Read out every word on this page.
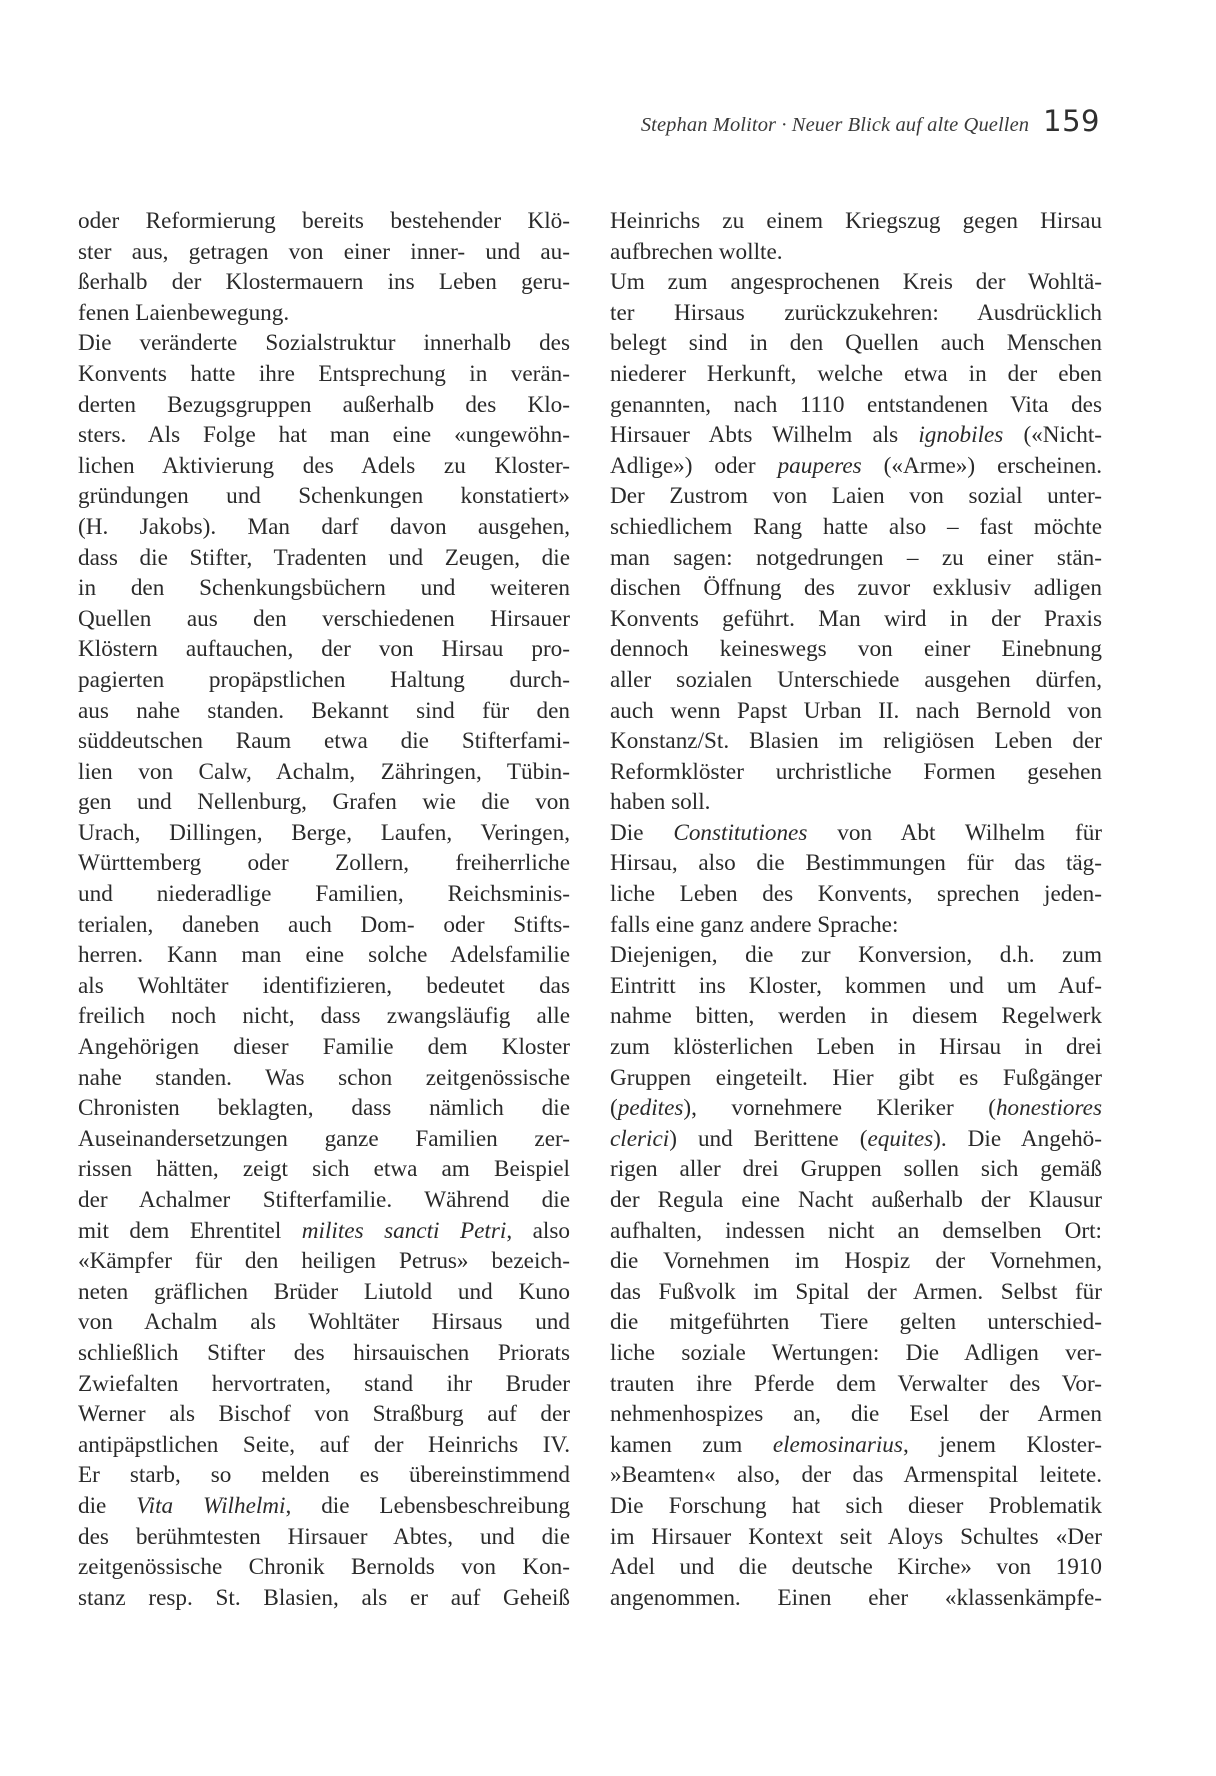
Stephan Molitor · Neuer Blick auf alte Quellen 159
oder Reformierung bereits bestehender Klö-
ster aus, getragen von einer inner- und au-
ßerhalb der Klostermauern ins Leben geru-
fenen Laienbewegung.
Die veränderte Sozialstruktur innerhalb des
Konvents hatte ihre Entsprechung in verän-
derten Bezugsgruppen außerhalb des Klo-
sters. Als Folge hat man eine «ungewöhn-
lichen Aktivierung des Adels zu Kloster-
gründungen und Schenkungen konstatiert»
(H. Jakobs). Man darf davon ausgehen,
dass die Stifter, Tradenten und Zeugen, die
in den Schenkungsbüchern und weiteren
Quellen aus den verschiedenen Hirsauer
Klöstern auftauchen, der von Hirsau pro-
pagierten propäpstlichen Haltung durch-
aus nahe standen. Bekannt sind für den
süddeutschen Raum etwa die Stifterfami-
lien von Calw, Achalm, Zähringen, Tübin-
gen und Nellenburg, Grafen wie die von
Urach, Dillingen, Berge, Laufen, Veringen,
Württemberg oder Zollern, freiherrliche
und niederadlige Familien, Reichsminis-
terialen, daneben auch Dom- oder Stifts-
herren. Kann man eine solche Adelsfamilie
als Wohltäter identifizieren, bedeutet das
freilich noch nicht, dass zwangsläufig alle
Angehörigen dieser Familie dem Kloster
nahe standen. Was schon zeitgenössische
Chronisten beklagten, dass nämlich die
Auseinandersetzungen ganze Familien zer-
rissen hätten, zeigt sich etwa am Beispiel
der Achalmer Stifterfamilie. Während die
mit dem Ehrentitel milites sancti Petri, also
«Kämpfer für den heiligen Petrus» bezeich-
neten gräflichen Brüder Liutold und Kuno
von Achalm als Wohltäter Hirsaus und
schließlich Stifter des hirsauischen Priorats
Zwiefalten hervortraten, stand ihr Bruder
Werner als Bischof von Straßburg auf der
antipäpstlichen Seite, auf der Heinrichs IV.
Er starb, so melden es übereinstimmend
die Vita Wilhelmi, die Lebensbeschreibung
des berühmtesten Hirsauer Abtes, und die
zeitgenössische Chronik Bernolds von Kon-
stanz resp. St. Blasien, als er auf Geheiß
Heinrichs zu einem Kriegszug gegen Hirsau
aufbrechen wollte.
Um zum angesprochenen Kreis der Wohltä-
ter Hirsaus zurückzukehren: Ausdrücklich
belegt sind in den Quellen auch Menschen
niederer Herkunft, welche etwa in der eben
genannten, nach 1110 entstandenen Vita des
Hirsauer Abts Wilhelm als ignobiles («Nicht-
Adlige») oder pauperes («Arme») erscheinen.
Der Zustrom von Laien von sozial unter-
schiedlichem Rang hatte also – fast möchte
man sagen: notgedrungen – zu einer stän-
dischen Öffnung des zuvor exklusiv adligen
Konvents geführt. Man wird in der Praxis
dennoch keineswegs von einer Einebnung
aller sozialen Unterschiede ausgehen dürfen,
auch wenn Papst Urban II. nach Bernold von
Konstanz/St. Blasien im religiösen Leben der
Reformklöster urchristliche Formen gesehen
haben soll.
Die Constitutiones von Abt Wilhelm für
Hirsau, also die Bestimmungen für das täg-
liche Leben des Konvents, sprechen jeden-
falls eine ganz andere Sprache:
Diejenigen, die zur Konversion, d.h. zum
Eintritt ins Kloster, kommen und um Auf-
nahme bitten, werden in diesem Regelwerk
zum klösterlichen Leben in Hirsau in drei
Gruppen eingeteilt. Hier gibt es Fußgänger
(pedites), vornehmere Kleriker (honestiores
clerici) und Berittene (equites). Die Angehö-
rigen aller drei Gruppen sollen sich gemäß
der Regula eine Nacht außerhalb der Klausur
aufhalten, indessen nicht an demselben Ort:
die Vornehmen im Hospiz der Vornehmen,
das Fußvolk im Spital der Armen. Selbst für
die mitgeführten Tiere gelten unterschied-
liche soziale Wertungen: Die Adligen ver-
trauten ihre Pferde dem Verwalter des Vor-
nehmenhospizes an, die Esel der Armen
kamen zum elemosinarius, jenem Kloster-
»Beamten« also, der das Armenspital leitete.
Die Forschung hat sich dieser Problematik
im Hirsauer Kontext seit Aloys Schultes «Der
Adel und die deutsche Kirche» von 1910
angenommen. Einen eher «klassenkämpfe-
